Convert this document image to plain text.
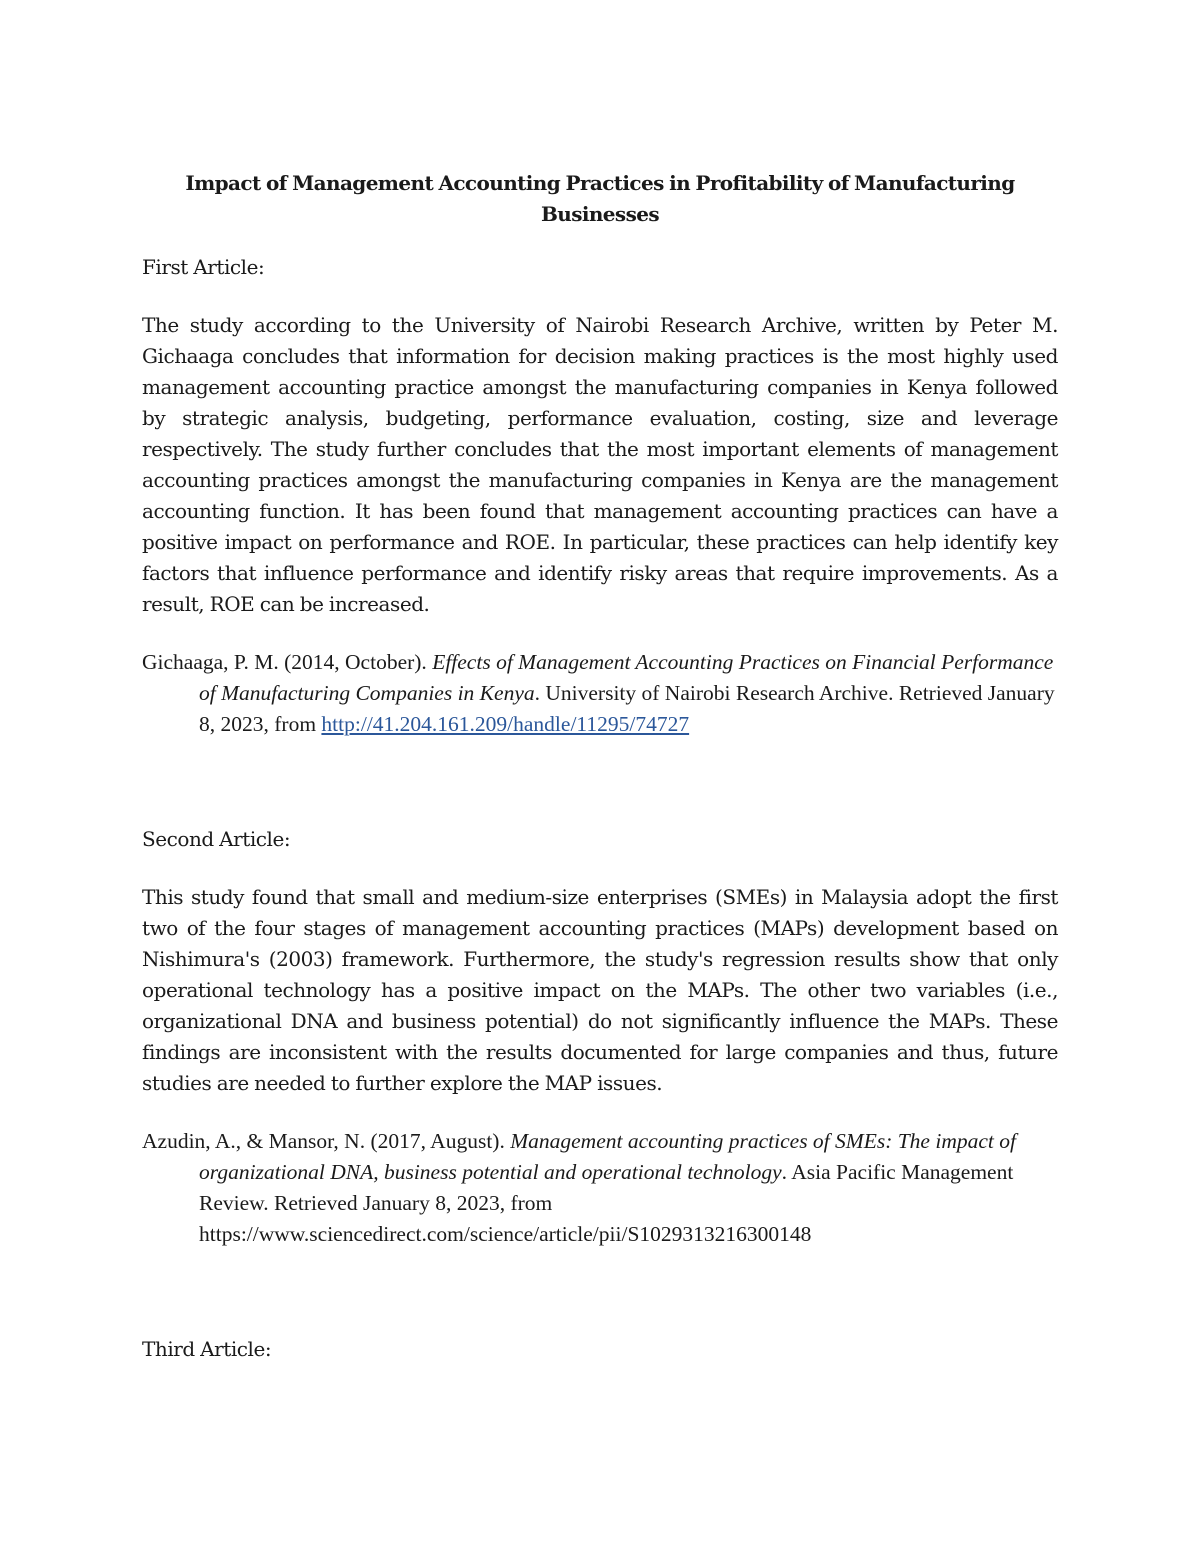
Impact of Management Accounting Practices in Profitability of Manufacturing Businesses

First Article:

The study according to the University of Nairobi Research Archive, written by Peter M. Gichaaga concludes that information for decision making practices is the most highly used management accounting practice amongst the manufacturing companies in Kenya followed by strategic analysis, budgeting, performance evaluation, costing, size and leverage respectively. The study further concludes that the most important elements of management accounting practices amongst the manufacturing companies in Kenya are the management accounting function. It has been found that management accounting practices can have a positive impact on performance and ROE. In particular, these practices can help identify key factors that influence performance and identify risky areas that require improvements. As a result, ROE can be increased.

Gichaaga, P. M. (2014, October). Effects of Management Accounting Practices on Financial Performance of Manufacturing Companies in Kenya. University of Nairobi Research Archive. Retrieved January 8, 2023, from http://41.204.161.209/handle/11295/74727

Second Article:

This study found that small and medium-size enterprises (SMEs) in Malaysia adopt the first two of the four stages of management accounting practices (MAPs) development based on Nishimura's (2003) framework. Furthermore, the study's regression results show that only operational technology has a positive impact on the MAPs. The other two variables (i.e., organizational DNA and business potential) do not significantly influence the MAPs. These findings are inconsistent with the results documented for large companies and thus, future studies are needed to further explore the MAP issues.

Azudin, A., & Mansor, N. (2017, August). Management accounting practices of SMEs: The impact of organizational DNA, business potential and operational technology. Asia Pacific Management Review. Retrieved January 8, 2023, from https://www.sciencedirect.com/science/article/pii/S1029313216300148

Third Article:
